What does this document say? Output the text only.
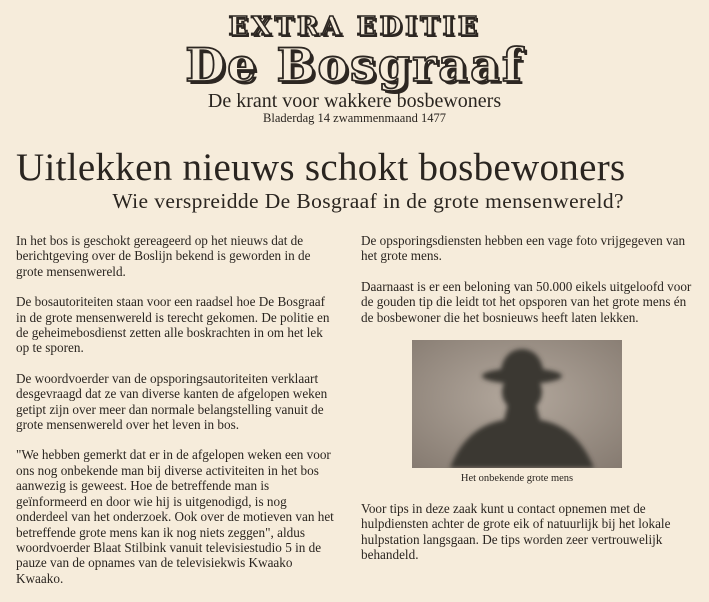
EXTRA EDITIE
De Bosgraaf
De krant voor wakkere bosbewoners
Bladerdag 14 zwammenmaand 1477
Uitlekken nieuws schokt bosbewoners
Wie verspreidde De Bosgraaf in de grote mensenwereld?

In het bos is geschokt gereageerd op het nieuws dat de berichtgeving over de Boslijn bekend is geworden in de grote mensenwereld.

De bosautoriteiten staan voor een raadsel hoe De Bosgraaf in de grote mensenwereld is terecht gekomen. De politie en de geheimebosdienst zetten alle boskrachten in om het lek op te sporen.

De woordvoerder van de opsporingsautoriteiten verklaart desgevraagd dat ze van diverse kanten de afgelopen weken getipt zijn over meer dan normale belangstelling vanuit de grote mensenwereld over het leven in bos.

"We hebben gemerkt dat er in de afgelopen weken een voor ons nog onbekende man bij diverse activiteiten in het bos aanwezig is geweest. Hoe de betreffende man is geïnformeerd en door wie hij is uitgenodigd, is nog onderdeel van het onderzoek. Ook over de motieven van het betreffende grote mens kan ik nog niets zeggen", aldus woordvoerder Blaat Stilbink vanuit televisiestudio 5 in de pauze van de opnames van de televisiekwis Kwaako Kwaako.

De opsporingsdiensten hebben een vage foto vrijgegeven van het grote mens.

Daarnaast is er een beloning van 50.000 eikels uitgeloofd voor de gouden tip die leidt tot het opsporen van het grote mens én de bosbewoner die het bosnieuws heeft laten lekken.

Het onbekende grote mens

Voor tips in deze zaak kunt u contact opnemen met de hulpdiensten achter de grote eik of natuurlijk bij het lokale hulpstation langsgaan. De tips worden zeer vertrouwelijk behandeld.
